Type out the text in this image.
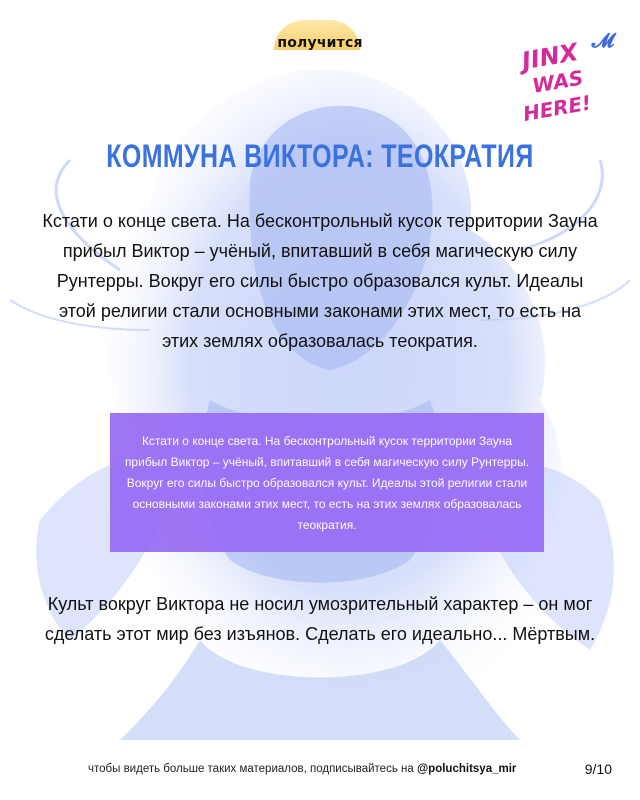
получится	𝓜
JINX
WAS
HERE!
КОММУНА ВИКТОРА: ТЕОКРАТИЯ
Кстати о конце света. На бесконтрольный кусок территории Зауна прибыл Виктор – учёный, впитавший в себя магическую силу Рунтерры. Вокруг его силы быстро образовался культ. Идеалы этой религии стали основными законами этих мест, то есть на этих землях образовалась теократия.
Кстати о конце света. На бесконтрольный кусок территории Зауна прибыл Виктор – учёный, впитавший в себя магическую силу Рунтерры. Вокруг его силы быстро образовался культ. Идеалы этой религии стали основными законами этих мест, то есть на этих землях образовалась теократия.
Культ вокруг Виктора не носил умозрительный характер – он мог сделать этот мир без изъянов. Сделать его идеально... Мёртвым.
чтобы видеть больше таких материалов, подписывайтесь на @poluchitsya_mir	9/10
